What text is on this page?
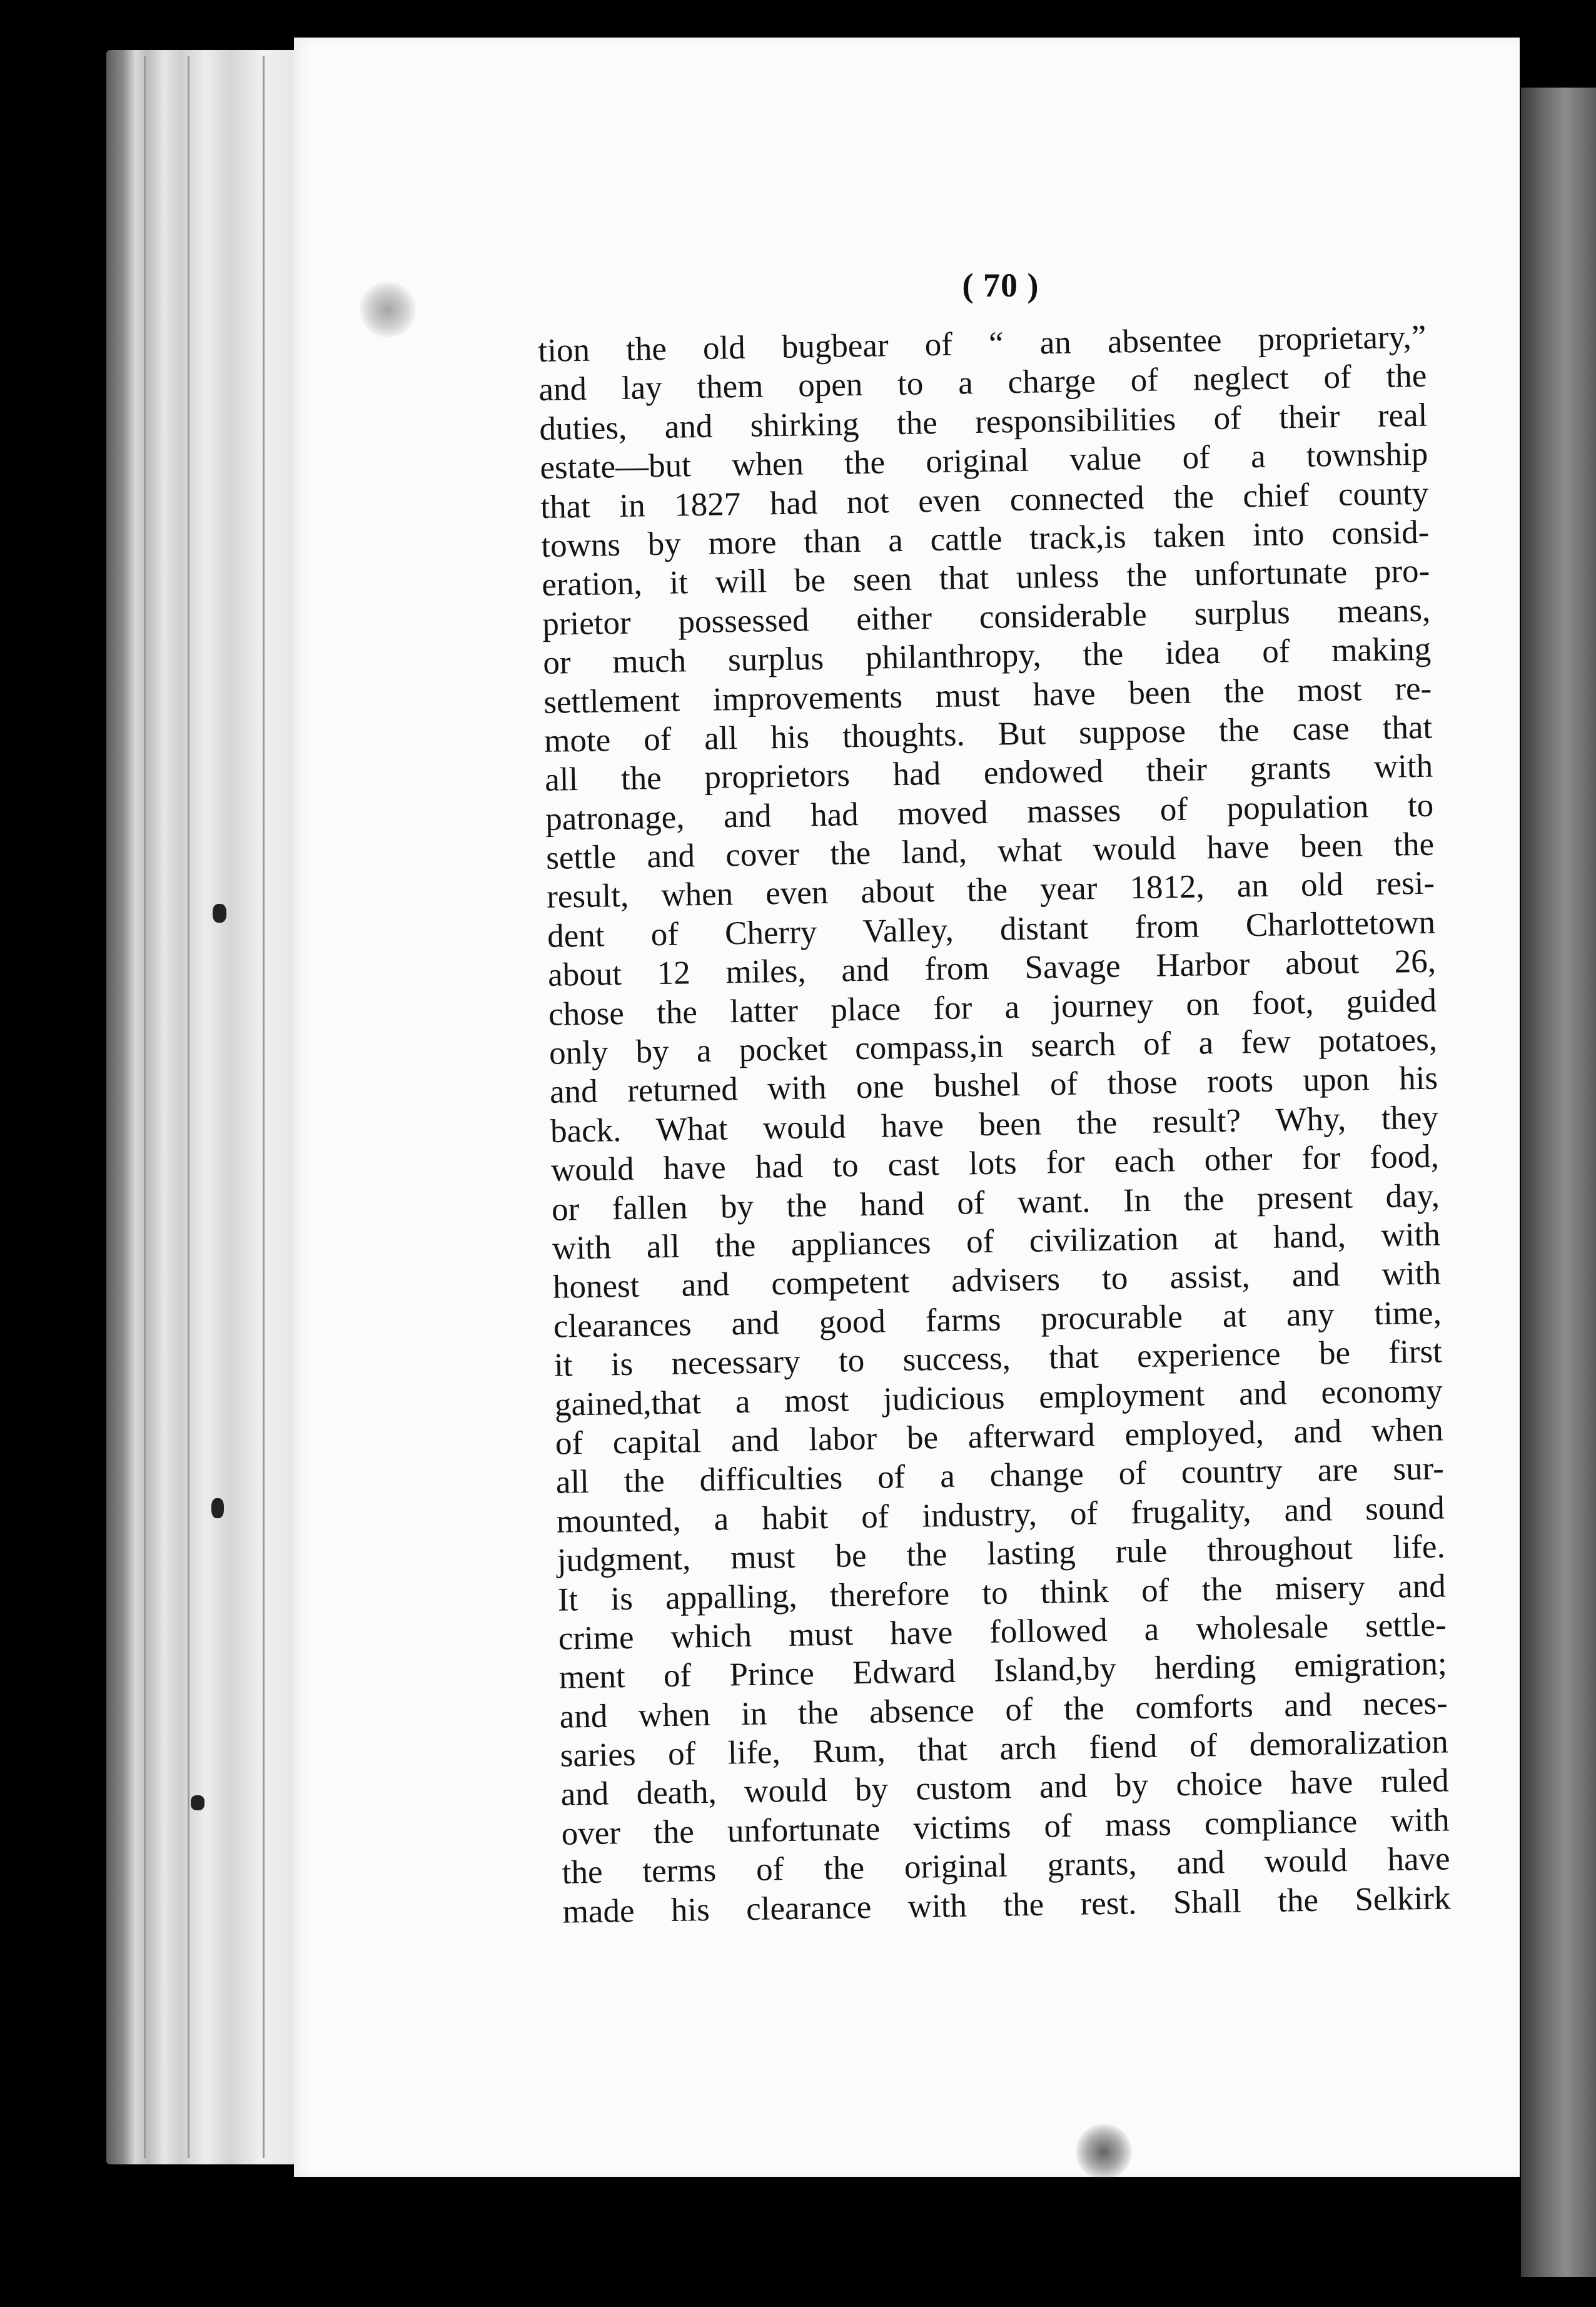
( 70 )
tion the old bugbear of “ an absentee proprietary,”
and lay them open to a charge of neglect of the
duties, and shirking the responsibilities of their real
estate—but when the original value of a township
that in 1827 had not even connected the chief county
towns by more than a cattle track,is taken into consid-
eration, it will be seen that unless the unfortunate pro-
prietor possessed either considerable surplus means,
or much surplus philanthropy, the idea of making
settlement improvements must have been the most re-
mote of all his thoughts. But suppose the case that
all the proprietors had endowed their grants with
patronage, and had moved masses of population to
settle and cover the land, what would have been the
result, when even about the year 1812, an old resi-
dent of Cherry Valley, distant from Charlottetown
about 12 miles, and from Savage Harbor about 26,
chose the latter place for a journey on foot, guided
only by a pocket compass,in search of a few potatoes,
and returned with one bushel of those roots upon his
back. What would have been the result? Why, they
would have had to cast lots for each other for food,
or fallen by the hand of want. In the present day,
with all the appliances of civilization at hand, with
honest and competent advisers to assist, and with
clearances and good farms procurable at any time,
it is necessary to success, that experience be first
gained,that a most judicious employment and economy
of capital and labor be afterward employed, and when
all the difficulties of a change of country are sur-
mounted, a habit of industry, of frugality, and sound
judgment, must be the lasting rule throughout life.
It is appalling, therefore to think of the misery and
crime which must have followed a wholesale settle-
ment of Prince Edward Island,by herding emigration;
and when in the absence of the comforts and neces-
saries of life, Rum, that arch fiend of demoralization
and death, would by custom and by choice have ruled
over the unfortunate victims of mass compliance with
the terms of the original grants, and would have
made his clearance with the rest. Shall the Selkirk
